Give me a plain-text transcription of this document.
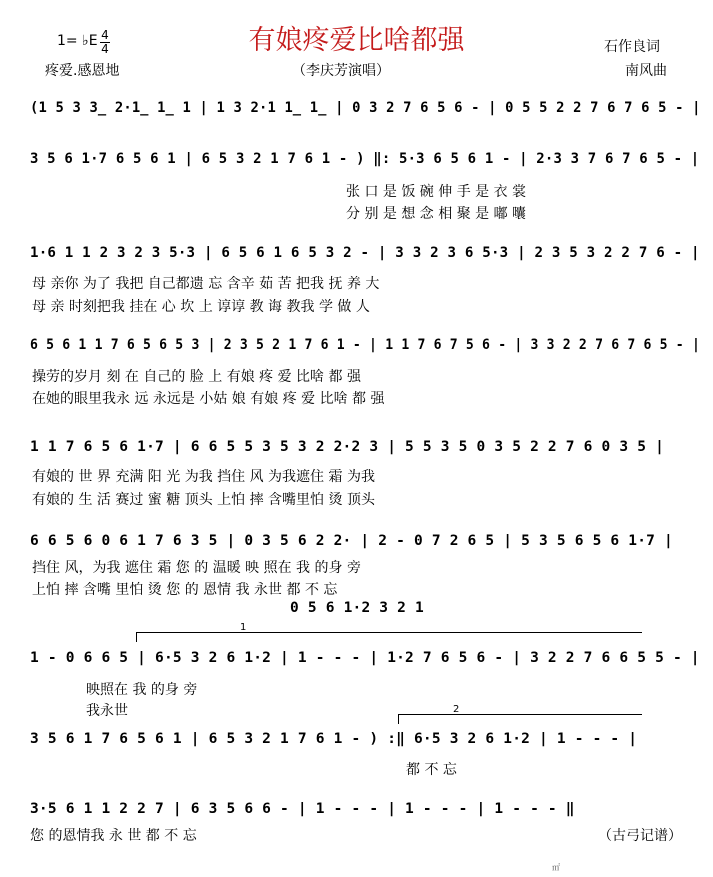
有娘疼爱比啥都强
1= ♭E 4
4
疼爱.感恩地	（李庆芳演唱）
石作良词
南风曲
(1 5 3 3̲ 2·1̲ 1̲ 1 | 1 3 2·1 1̲ 1̲ | 0 3 2 7 6 5 6 - | 0 5 5 2 2 7 6 7 6 5 - |
3 5 6 1·7 6 5 6 1 | 6 5 3 2 1 7 6 1 - ) ‖: 5·3 6 5 6 1 - | 2·3 3 7 6 7 6 5 - |
张 口 是 饭 碗 伸 手 是 衣 裳
分 别 是 想 念 相 聚 是 嘟 囔
1·6 1 1 2 3 2 3 5·3 | 6 5 6 1 6 5 3 2 - | 3 3 2 3 6 5·3 | 2 3 5 3 2 2 7 6 - |
母 亲你 为了 我把 自己都遗 忘 含辛 茹 苦 把我 抚 养 大
母 亲 时刻把我 挂在 心 坎 上 谆谆 教 诲 教我 学 做 人
6 5 6 1 1 7 6 5 6 5 3 | 2 3 5 2 1 7 6 1 - | 1 1 7 6 7 5 6 - | 3 3 2 2 7 6 7 6 5 - |
操劳的岁月 刻 在 自己的 脸 上 有娘 疼 爱 比啥 都 强
在她的眼里我永 远 永远是 小姑 娘 有娘 疼 爱 比啥 都 强
1 1 7 6 5 6 1·7 | 6 6 5 5 3 5 3 2 2·2 3 | 5 5 3 5 0 3 5 2 2 7 6 0 3 5 |
有娘的 世 界 充满 阳 光 为我 挡住 风 为我遮住 霜 为我
有娘的 生 活 赛过 蜜 糖 顶头 上怕 摔 含嘴里怕 烫 顶头
6 6 5 6 0 6 1 7 6 3 5 | 0 3 5 6 2 2· | 2 - 0 7 2 6 5 | 5 3 5 6 5 6 1·7 |
挡住 风，为我 遮住 霜 您 的 温暖 映 照在 我 的身 旁
上怕 摔 含嘴 里怕 烫 您 的 恩情 我 永世 都 不 忘
0 5 6 1·2 3 2 1
1
1 - 0 6 6 5 | 6·5 3 2 6 1·2 | 1 - - - | 1·2 7 6 5 6 - | 3 2 2 7 6 6 5 5 - |
映照在 我 的身 旁
我永世	2
3 5 6 1 7 6 5 6 1 | 6 5 3 2 1 7 6 1 - ) :‖ 6·5 3 2 6 1·2 | 1 - - - |
都 不 忘
3·5 6 1 1 2 2 7 | 6 3 5 6 6 - | 1 - - - | 1 - - - | 1 - - - ‖
您 的恩情我 永 世 都 不 忘	（古弓记谱）
㎡
